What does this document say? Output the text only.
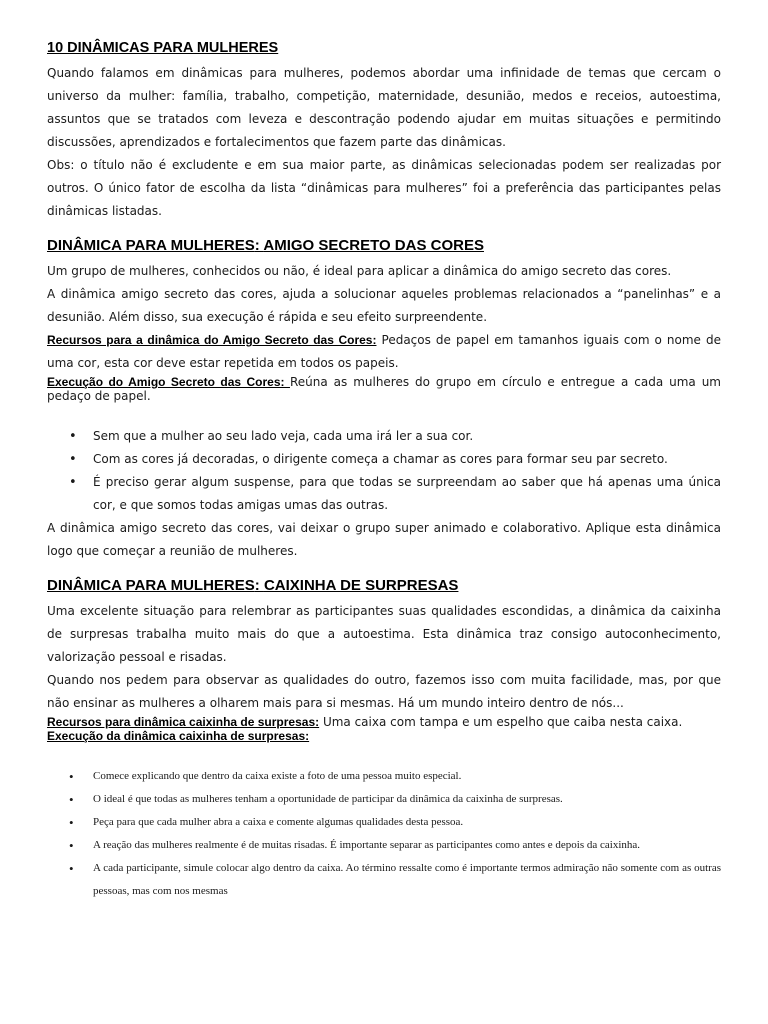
10 DINÂMICAS PARA MULHERES

Quando falamos em dinâmicas para mulheres, podemos abordar uma infinidade de temas que cercam o universo da mulher: família, trabalho, competição, maternidade, desunião, medos e receios, autoestima, assuntos que se tratados com leveza e descontração podendo ajudar em muitas situações e permitindo discussões, aprendizados e fortalecimentos que fazem parte das dinâmicas.

Obs: o título não é excludente e em sua maior parte, as dinâmicas selecionadas podem ser realizadas por outros. O único fator de escolha da lista “dinâmicas para mulheres” foi a preferência das participantes pelas dinâmicas listadas.

DINÂMICA PARA MULHERES: AMIGO SECRETO DAS CORES

Um grupo de mulheres, conhecidos ou não, é ideal para aplicar a dinâmica do amigo secreto das cores.

A dinâmica amigo secreto das cores, ajuda a solucionar aqueles problemas relacionados a “panelinhas” e a desunião. Além disso, sua execução é rápida e seu efeito surpreendente.

Recursos para a dinâmica do Amigo Secreto das Cores: Pedaços de papel em tamanhos iguais com o nome de uma cor, esta cor deve estar repetida em todos os papeis.

Execução do Amigo Secreto das Cores: Reúna as mulheres do grupo em círculo e entregue a cada uma um pedaço de papel.

• Sem que a mulher ao seu lado veja, cada uma irá ler a sua cor.
• Com as cores já decoradas, o dirigente começa a chamar as cores para formar seu par secreto.
• É preciso gerar algum suspense, para que todas se surpreendam ao saber que há apenas uma única cor, e que somos todas amigas umas das outras.

A dinâmica amigo secreto das cores, vai deixar o grupo super animado e colaborativo. Aplique esta dinâmica logo que começar a reunião de mulheres.

DINÂMICA PARA MULHERES: CAIXINHA DE SURPRESAS

Uma excelente situação para relembrar as participantes suas qualidades escondidas, a dinâmica da caixinha de surpresas trabalha muito mais do que a autoestima. Esta dinâmica traz consigo autoconhecimento, valorização pessoal e risadas.

Quando nos pedem para observar as qualidades do outro, fazemos isso com muita facilidade, mas, por que não ensinar as mulheres a olharem mais para si mesmas. Há um mundo inteiro dentro de nós...

Recursos para dinâmica caixinha de surpresas: Uma caixa com tampa e um espelho que caiba nesta caixa.

Execução da dinâmica caixinha de surpresas:

• Comece explicando que dentro da caixa existe a foto de uma pessoa muito especial.
• O ideal é que todas as mulheres tenham a oportunidade de participar da dinâmica da caixinha de surpresas.
• Peça para que cada mulher abra a caixa e comente algumas qualidades desta pessoa.
• A reação das mulheres realmente é de muitas risadas. É importante separar as participantes como antes e depois da caixinha.
• A cada participante, simule colocar algo dentro da caixa. Ao término ressalte como é importante termos admiração não somente com as outras pessoas, mas com nos mesmas
